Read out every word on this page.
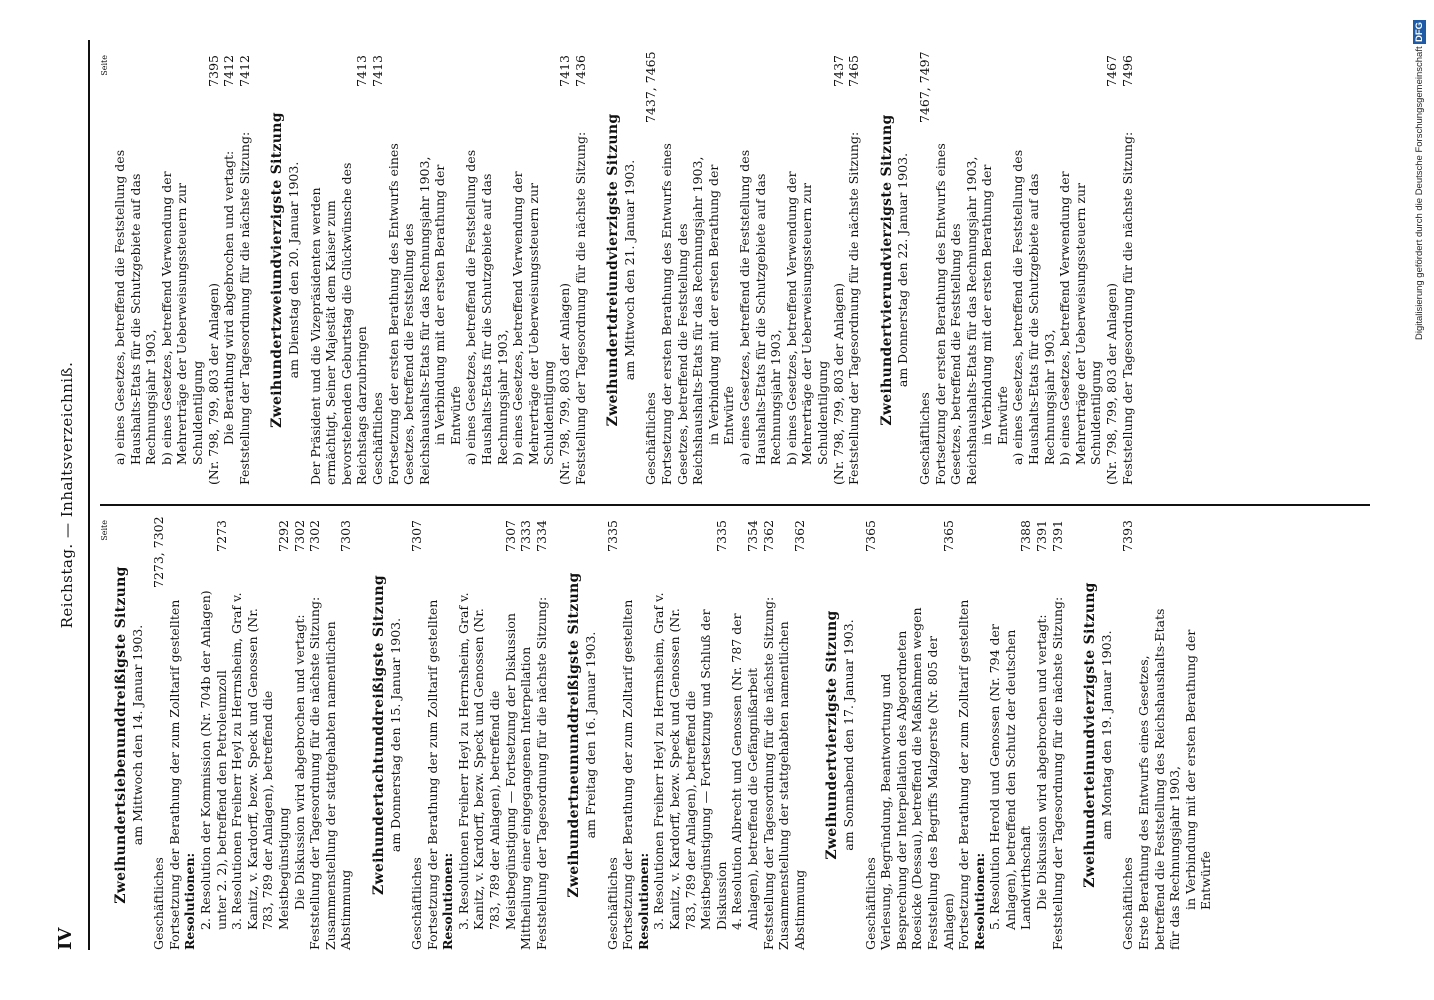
IV
Reichstag. — Inhaltsverzeichniß.	Seite
Zweihundertsiebenunddreißigste Sitzung am Mittwoch den 14. Januar 1903.
Geschäftliches
7273, 7302
Fortsetzung der Berathung der zum Zolltarif gestellten Resolutionen: 2. Resolution der Kommission (Nr. 704b der Anlagen) unter 2. 2), betreffend den Petroleumzoll
7273
3. Resolutionen Freiherr Heyl zu Herrnsheim, Graf v. Kanitz, v. Kardorff, bezw. Speck und Genossen (Nr. 783, 789 der Anlagen), betreffend die Meistbegünstigung
7292
Die Diskussion wird abgebrochen und vertagt:
7302
Feststellung der Tagesordnung für die nächste Sitzung:
7302
Zusammenstellung der stattgehabten namentlichen Abstimmung
7303
Zweihundertachtunddreißigste Sitzung am Donnerstag den 15. Januar 1903.
Geschäftliches
7307
Fortsetzung der Berathung der zum Zolltarif gestellten Resolutionen: 3. Resolutionen Freiherr Heyl zu Herrnsheim, Graf v. Kanitz, v. Kardorff, bezw. Speck und Genossen (Nr. 783, 789 der Anlagen), betreffend die Meistbegünstigung — Fortsetzung der Diskussion
7307
Mittheilung einer eingegangenen Interpellation
7333
Feststellung der Tagesordnung für die nächste Sitzung:
7334
Zweihundertneununddreißigste Sitzung am Freitag den 16. Januar 1903.
Geschäftliches
7335
Fortsetzung der Berathung der zum Zolltarif gestellten Resolutionen: 3. Resolutionen Freiherr Heyl zu Herrnsheim, Graf v. Kanitz, v. Kardorff, bezw. Speck und Genossen (Nr. 783, 789 der Anlagen), betreffend die Meistbegünstigung — Fortsetzung und Schluß der Diskussion
7335
4. Resolution Albrecht und Genossen (Nr. 787 der Anlagen), betreffend die Gefängnißarbeit
7354
Feststellung der Tagesordnung für die nächste Sitzung:
7362
Zusammenstellung der stattgehabten namentlichen Abstimmung
7362
Zweihundertvierzigste Sitzung am Sonnabend den 17. Januar 1903.
Geschäftliches
7365
Verlesung, Begründung, Beantwortung und Besprechung der Interpellation des Abgeordneten Roesicke (Dessau), betreffend die Maßnahmen wegen Feststellung des Begriffs Malzgerste (Nr. 805 der Anlagen)
7365
Fortsetzung der Berathung der zum Zolltarif gestellten Resolutionen: 5. Resolution Herold und Genossen (Nr. 794 der Anlagen), betreffend den Schutz der deutschen Landwirthschaft
7388
Die Diskussion wird abgebrochen und vertagt:
7391
Feststellung der Tagesordnung für die nächste Sitzung:
7391
Zweihunderteinundvierzigste Sitzung am Montag den 19. Januar 1903.
Geschäftliches
7393
Erste Berathung des Entwurfs eines Gesetzes, betreffend die Feststellung des Reichshaushalts-Etats für das Rechnungsjahr 1903, in Verbindung mit der ersten Berathung der Entwürfe
Seite
a) eines Gesetzes, betreffend die Feststellung des Haushalts-Etats für die Schutzgebiete auf das Rechnungsjahr 1903, b) eines Gesetzes, betreffend Verwendung der Mehrerträge der Ueberweisungssteuern zur Schuldentilgung (Nr. 798, 799, 803 der Anlagen)
7395
Die Berathung wird abgebrochen und vertagt:
7412
Feststellung der Tagesordnung für die nächste Sitzung:
7412
Zweihundertzweiundvierzigste Sitzung am Dienstag den 20. Januar 1903. Der Präsident und die Vizepräsidenten werden ermächtigt, Seiner Majestät dem Kaiser zum bevorstehenden Geburtstag die Glückwünsche des Reichstags darzubringen
7413
Geschäftliches
7413
Fortsetzung der ersten Berathung des Entwurfs eines Gesetzes, betreffend die Feststellung des Reichshaushalts-Etats für das Rechnungsjahr 1903, in Verbindung mit der ersten Berathung der Entwürfe a) eines Gesetzes, betreffend die Feststellung des Haushalts-Etats für die Schutzgebiete auf das Rechnungsjahr 1903, b) eines Gesetzes, betreffend Verwendung der Mehrerträge der Ueberweisungssteuern zur Schuldentilgung (Nr. 798, 799, 803 der Anlagen)
7413
Feststellung der Tagesordnung für die nächste Sitzung:
7436
Zweihundertdreiundvierzigste Sitzung am Mittwoch den 21. Januar 1903.
Geschäftliches
7437, 7465
Fortsetzung der ersten Berathung des Entwurfs eines Gesetzes, betreffend die Feststellung des Reichshaushalts-Etats für das Rechnungsjahr 1903, in Verbindung mit der ersten Berathung der Entwürfe a) eines Gesetzes, betreffend die Feststellung des Haushalts-Etats für die Schutzgebiete auf das Rechnungsjahr 1903, b) eines Gesetzes, betreffend Verwendung der Mehrerträge der Ueberweisungssteuern zur Schuldentilgung (Nr. 798, 799, 803 der Anlagen)
7437
Feststellung der Tagesordnung für die nächste Sitzung:
7465
Zweihundertvierundvierzigste Sitzung am Donnerstag den 22. Januar 1903.
Geschäftliches
7467, 7497
Fortsetzung der ersten Berathung des Entwurfs eines Gesetzes, betreffend die Feststellung des Reichshaushalts-Etats für das Rechnungsjahr 1903, in Verbindung mit der ersten Berathung der Entwürfe a) eines Gesetzes, betreffend die Feststellung des Haushalts-Etats für die Schutzgebiete auf das Rechnungsjahr 1903, b) eines Gesetzes, betreffend Verwendung der Mehrerträge der Ueberweisungssteuern zur Schuldentilgung (Nr. 798, 799, 803 der Anlagen)
7467
Feststellung der Tagesordnung für die nächste Sitzung:
7496	Digitalisierung gefördert durch die Deutsche Forschungsgemeinschaft DFG
